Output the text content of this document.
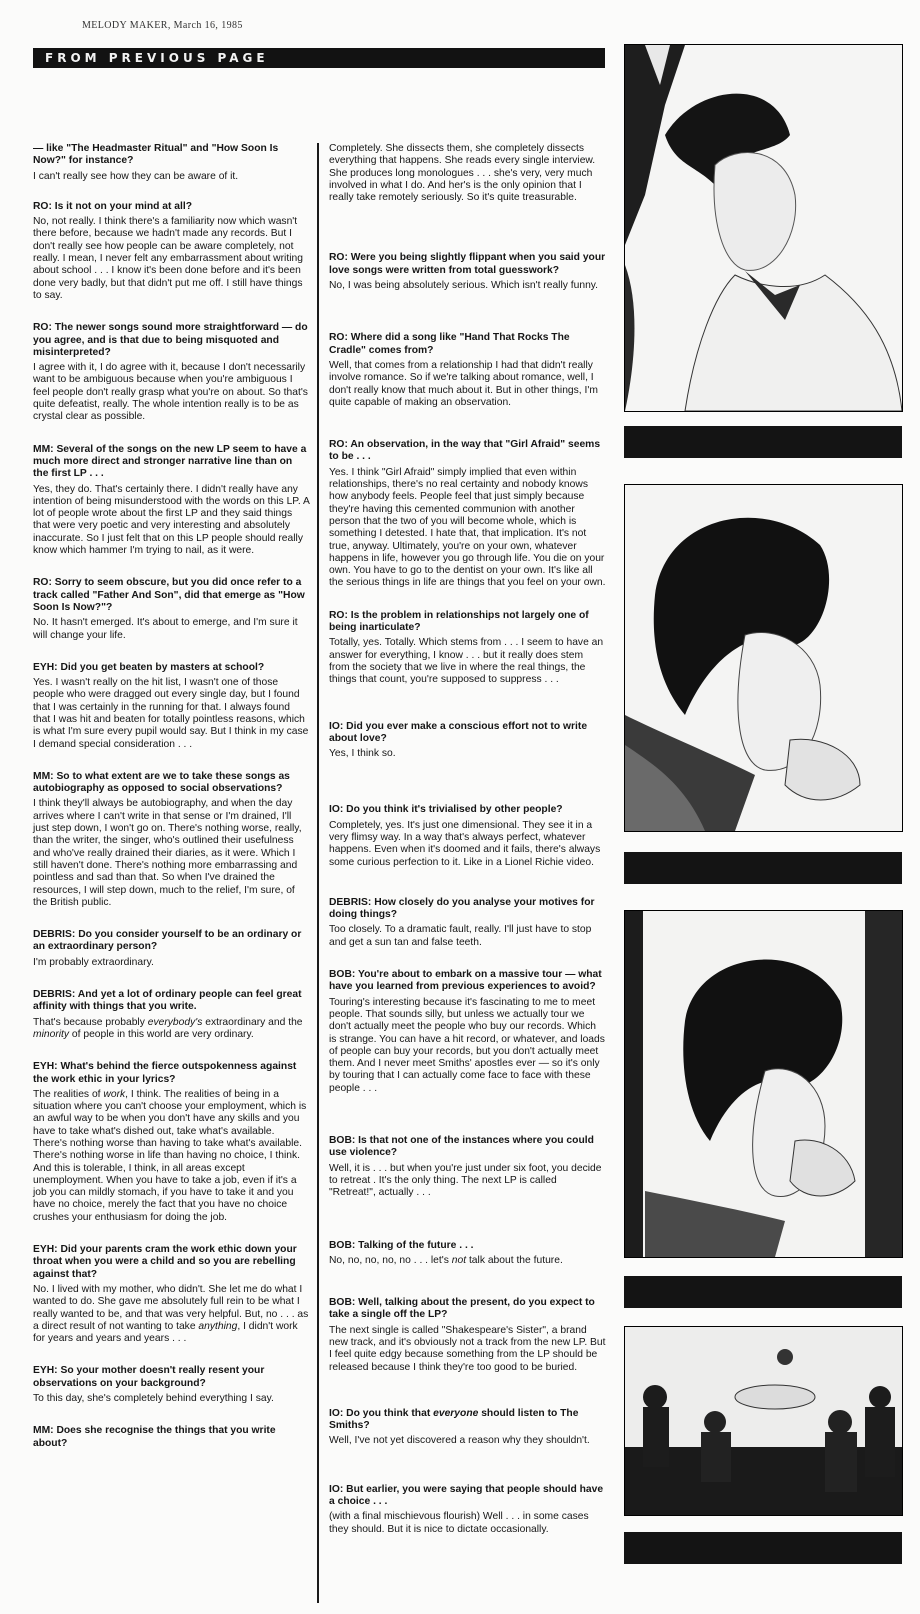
MELODY MAKER, March 16, 1985
FROM PREVIOUS PAGE

— like "The Headmaster Ritual" and "How Soon Is Now?" for instance?

I can't really see how they can be aware of it.

RO: Is it not on your mind at all?

No, not really. I think there's a familiarity now which wasn't there before, because we hadn't made any records. But I don't really see how people can be aware completely, not really. I mean, I never felt any embarrassment about writing about school . . . I know it's been done before and it's been done very badly, but that didn't put me off. I still have things to say.

RO: The newer songs sound more straightforward — do you agree, and is that due to being misquoted and misinterpreted?

I agree with it, I do agree with it, because I don't necessarily want to be ambiguous because when you're ambiguous I feel people don't really grasp what you're on about. So that's quite defeatist, really. The whole intention really is to be as crystal clear as possible.

MM: Several of the songs on the new LP seem to have a much more direct and stronger narrative line than on the first LP . . .

Yes, they do. That's certainly there. I didn't really have any intention of being misunderstood with the words on this LP. A lot of people wrote about the first LP and they said things that were very poetic and very interesting and absolutely inaccurate. So I just felt that on this LP people should really know which hammer I'm trying to nail, as it were.

RO: Sorry to seem obscure, but you did once refer to a track called "Father And Son", did that emerge as "How Soon Is Now?"?

No. It hasn't emerged. It's about to emerge, and I'm sure it will change your life.

EYH: Did you get beaten by masters at school?

Yes. I wasn't really on the hit list, I wasn't one of those people who were dragged out every single day, but I found that I was certainly in the running for that. I always found that I was hit and beaten for totally pointless reasons, which is what I'm sure every pupil would say. But I think in my case I demand special consideration . . .

MM: So to what extent are we to take these songs as autobiography as opposed to social observations?

I think they'll always be autobiography, and when the day arrives where I can't write in that sense or I'm drained, I'll just step down, I won't go on. There's nothing worse, really, than the writer, the singer, who's outlined their usefulness and who've really drained their diaries, as it were. Which I still haven't done. There's nothing more embarrassing and pointless and sad than that. So when I've drained the resources, I will step down, much to the relief, I'm sure, of the British public.

DEBRIS: Do you consider yourself to be an ordinary or an extraordinary person?

I'm probably extraordinary.

DEBRIS: And yet a lot of ordinary people can feel great affinity with things that you write.

That's because probably everybody's extraordinary and the minority of people in this world are very ordinary.

EYH: What's behind the fierce outspokenness against the work ethic in your lyrics?

The realities of work, I think. The realities of being in a situation where you can't choose your employment, which is an awful way to be when you don't have any skills and you have to take what's dished out, take what's available. There's nothing worse than having to take what's available. There's nothing worse in life than having no choice, I think. And this is tolerable, I think, in all areas except unemployment. When you have to take a job, even if it's a job you can mildly stomach, if you have to take it and you have no choice, merely the fact that you have no choice crushes your enthusiasm for doing the job.

EYH: Did your parents cram the work ethic down your throat when you were a child and so you are rebelling against that?

No. I lived with my mother, who didn't. She let me do what I wanted to do. She gave me absolutely full rein to be what I really wanted to be, and that was very helpful. But, no . . . as a direct result of not wanting to take anything, I didn't work for years and years and years . . .

EYH: So your mother doesn't really resent your observations on your background?

To this day, she's completely behind everything I say.

MM: Does she recognise the things that you write about?

Completely. She dissects them, she completely dissects everything that happens. She reads every single interview. She produces long monologues . . . she's very, very much involved in what I do. And her's is the only opinion that I really take remotely seriously. So it's quite treasurable.

RO: Were you being slightly flippant when you said your love songs were written from total guesswork?

No, I was being absolutely serious. Which isn't really funny.

RO: Where did a song like "Hand That Rocks The Cradle" comes from?

Well, that comes from a relationship I had that didn't really involve romance. So if we're talking about romance, well, I don't really know that much about it. But in other things, I'm quite capable of making an observation.

RO: An observation, in the way that "Girl Afraid" seems to be . . .

Yes. I think "Girl Afraid" simply implied that even within relationships, there's no real certainty and nobody knows how anybody feels. People feel that just simply because they're having this cemented communion with another person that the two of you will become whole, which is something I detested. I hate that, that implication. It's not true, anyway. Ultimately, you're on your own, whatever happens in life, however you go through life. You die on your own. You have to go to the dentist on your own. It's like all the serious things in life are things that you feel on your own.

RO: Is the problem in relationships not largely one of being inarticulate?

Totally, yes. Totally. Which stems from . . . I seem to have an answer for everything, I know . . . but it really does stem from the society that we live in where the real things, the things that count, you're supposed to suppress . . .

IO: Did you ever make a conscious effort not to write about love?

Yes, I think so.

IO: Do you think it's trivialised by other people?

Completely, yes. It's just one dimensional. They see it in a very flimsy way. In a way that's always perfect, whatever happens. Even when it's doomed and it fails, there's always some curious perfection to it. Like in a Lionel Richie video.

DEBRIS: How closely do you analyse your motives for doing things?

Too closely. To a dramatic fault, really. I'll just have to stop and get a sun tan and false teeth.

BOB: You're about to embark on a massive tour — what have you learned from previous experiences to avoid?

Touring's interesting because it's fascinating to me to meet people. That sounds silly, but unless we actually tour we don't actually meet the people who buy our records. Which is strange. You can have a hit record, or whatever, and loads of people can buy your records, but you don't actually meet them. And I never meet Smiths' apostles ever — so it's only by touring that I can actually come face to face with these people . . .

BOB: Is that not one of the instances where you could use violence?

Well, it is . . . but when you're just under six foot, you decide to retreat . It's the only thing. The next LP is called "Retreat!", actually . . .

BOB: Talking of the future . . .

No, no, no, no, no . . . let's not talk about the future.

BOB: Well, talking about the present, do you expect to take a single off the LP?

The next single is called "Shakespeare's Sister", a brand new track, and it's obviously not a track from the new LP. But I feel quite edgy because something from the LP should be released because I think they're too good to be buried.

IO: Do you think that everyone should listen to The Smiths?

Well, I've not yet discovered a reason why they shouldn't.

IO: But earlier, you were saying that people should have a choice . . .

(with a final mischievous flourish) Well . . . in some cases they should. But it is nice to dictate occasionally.
